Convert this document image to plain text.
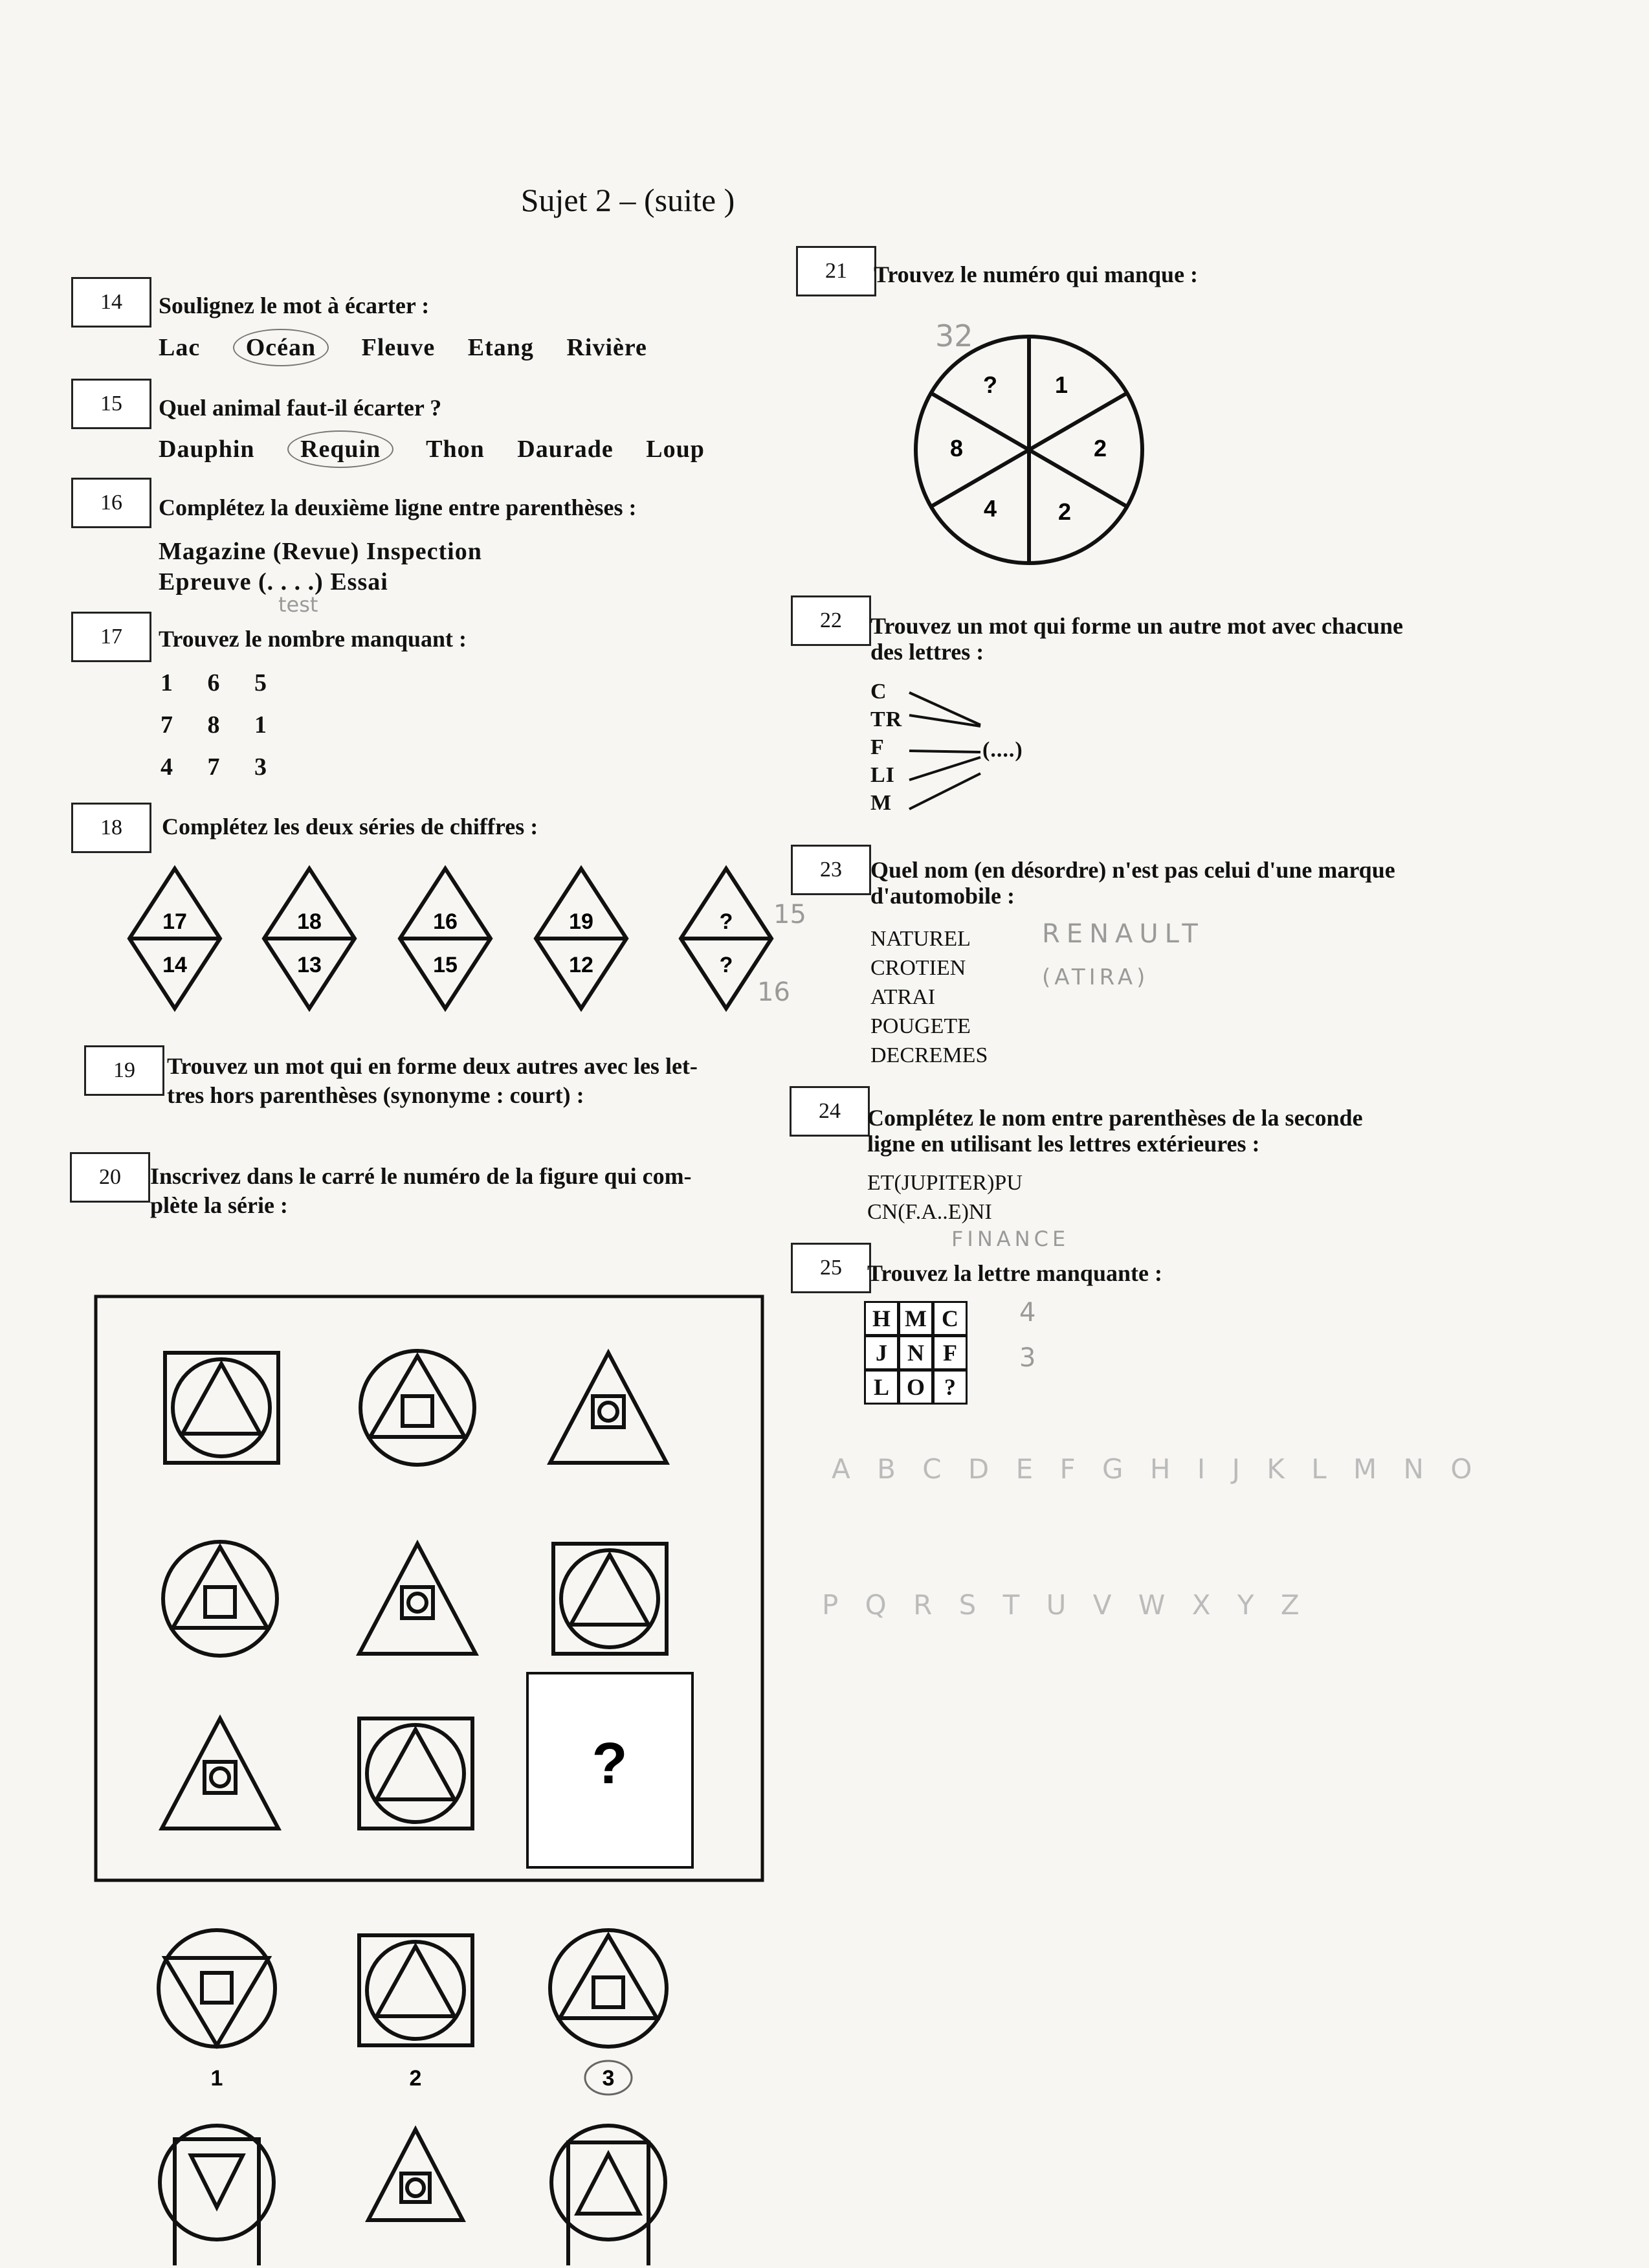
Sujet 2 – (suite )
14	Soulignez le mot à écarter :
Lac Océan Fleuve Etang Rivière
15	Quel animal faut-il écarter ?
Dauphin Requin Thon Daurade Loup
16	Complétez la deuxième ligne entre parenthèses :
Magazine (Revue) Inspection
Epreuve (. . . .) Essai
test
17	Trouvez le nombre manquant :
1 6 5
7 8 1
4 7 3
18	Complétez les deux séries de chiffres :
17
14
18
13
16
15
19
12
?
?
15
16
19	Trouvez un mot qui en forme deux autres avec les let-
tres hors parenthèses (synonyme : court) :
20	Inscrivez dans le carré le numéro de la figure qui com-
plète la série :
?
1	2	3
21	Trouvez le numéro qui manque :
32
? 1
2
2
4
8
22	Trouvez un mot qui forme un autre mot avec chacune
des lettres :
C
TR
F
LI
M
(....)
23	Quel nom (en désordre) n'est pas celui d'une marque
d'automobile :
NATUREL
CROTIEN
ATRAI
POUGETE
DECREMES
RENAULT
(ATIRA)
24	Complétez le nom entre parenthèses de la seconde
ligne en utilisant les lettres extérieures :
ET(JUPITER)PU
CN(F.A..E)NI
FINANCE
25	Trouvez la lettre manquante :
H M C
J N F
L O ?
4
3
A B C D E F G H I J K L M N O
P Q R S T U V W X Y Z
